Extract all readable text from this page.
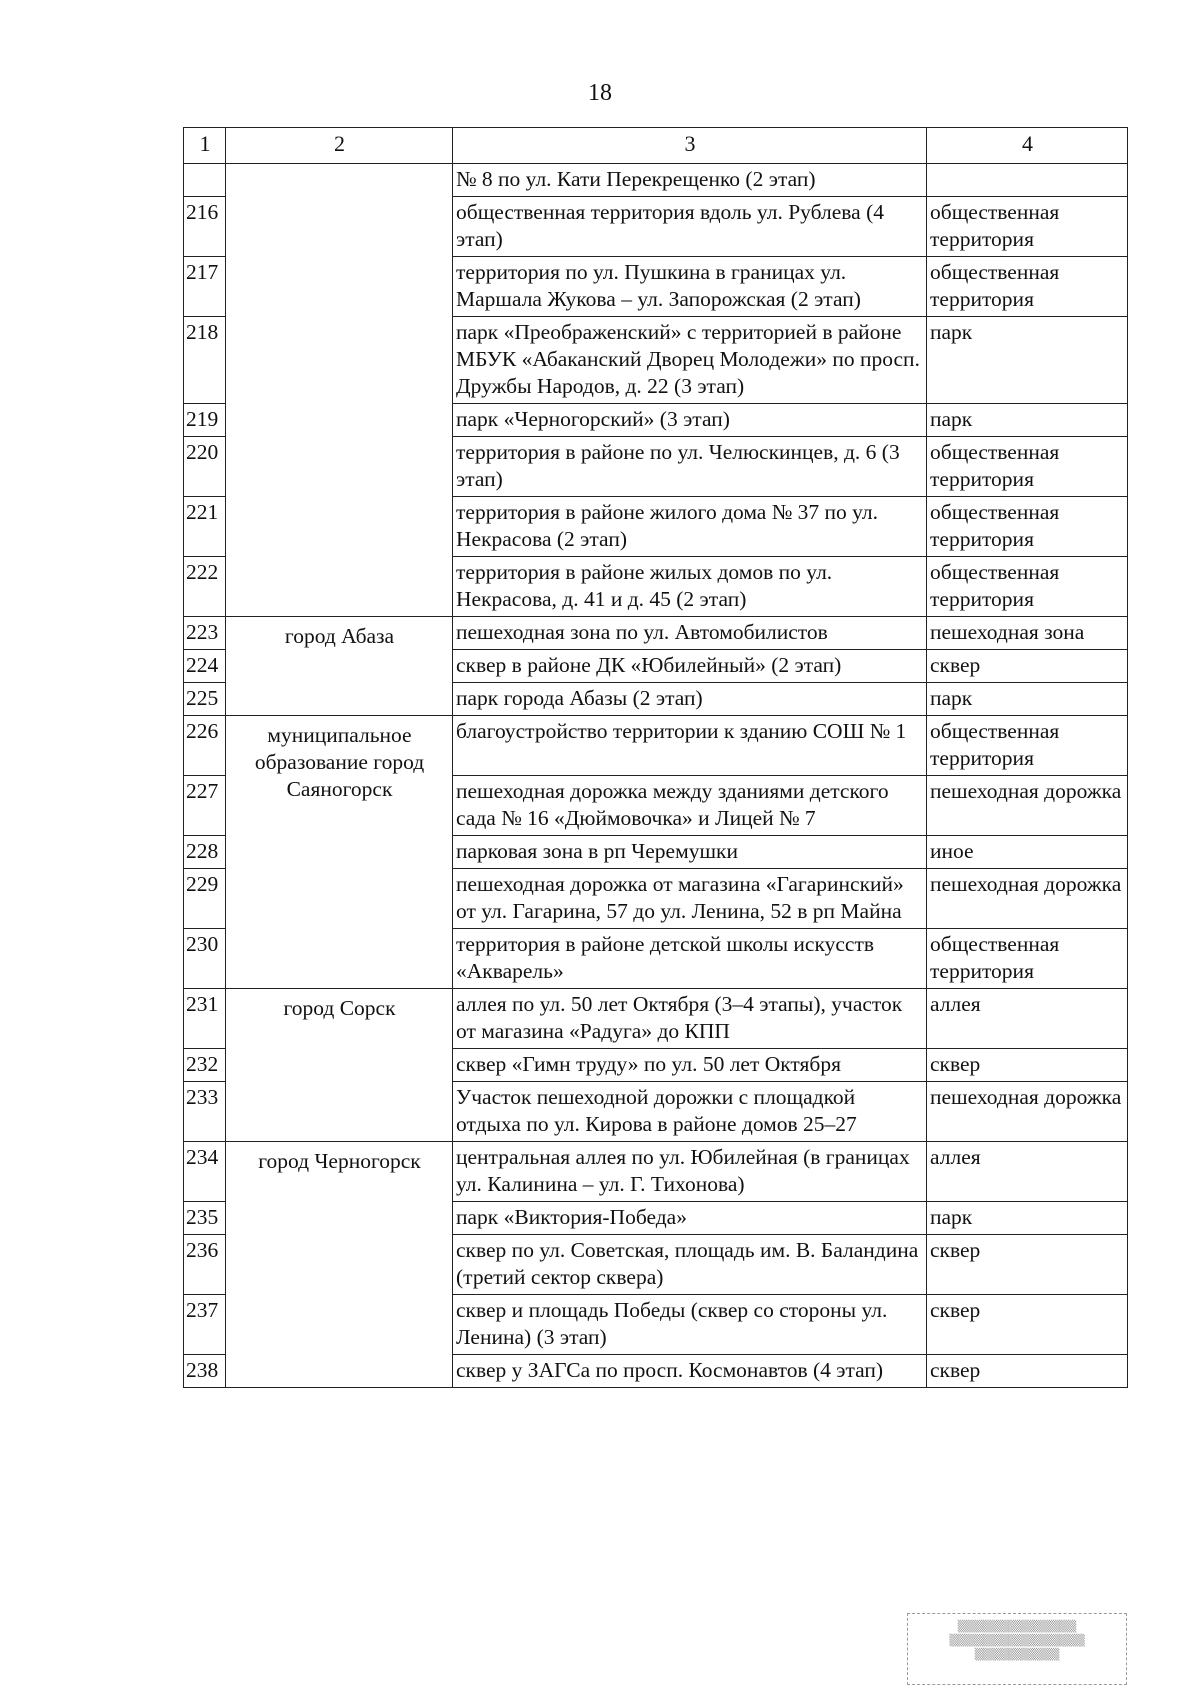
18
1	2	3	4
		№ 8 по ул. Кати Перекрещенко (2 этап)	
216		общественная территория вдоль ул. Рублева (4 этап)	общественная территория
217		территория по ул. Пушкина в границах ул. Маршала Жукова – ул. Запорожская (2 этап)	общественная территория
218		парк «Преображенский» с территорией в районе МБУК «Абаканский Дворец Молодежи» по просп. Дружбы Народов, д. 22 (3 этап)	парк
219		парк «Черногорский» (3 этап)	парк
220		территория в районе по ул. Челюскинцев, д. 6 (3 этап)	общественная территория
221		территория в районе жилого дома № 37 по ул. Некрасова (2 этап)	общественная территория
222		территория в районе жилых домов по ул. Некрасова, д. 41 и д. 45 (2 этап)	общественная территория
223	город Абаза	пешеходная зона по ул. Автомобилистов	пешеходная зона
224		сквер в районе ДК «Юбилейный» (2 этап)	сквер
225		парк города Абазы (2 этап)	парк
226	муниципальное образование город Саяногорск	благоустройство территории к зданию СОШ № 1	общественная территория
227		пешеходная дорожка между зданиями детского сада № 16 «Дюймовочка» и Лицей № 7	пешеходная дорожка
228		парковая зона в рп Черемушки	иное
229		пешеходная дорожка от магазина «Гагаринский» от ул. Гагарина, 57 до ул. Ленина, 52 в рп Майна	пешеходная дорожка
230		территория в районе детской школы искусств «Акварель»	общественная территория
231	город Сорск	аллея по ул. 50 лет Октября (3–4 этапы), участок от магазина «Радуга» до КПП	аллея
232		сквер «Гимн труду» по ул. 50 лет Октября	сквер
233		Участок пешеходной дорожки с площадкой отдыха по ул. Кирова в районе домов 25–27	пешеходная дорожка
234	город Черногорск	центральная аллея по ул. Юбилейная (в границах ул. Калинина – ул. Г. Тихонова)	аллея
235		парк «Виктория-Победа»	парк
236		сквер по ул. Советская, площадь им. В. Баландина (третий сектор сквера)	сквер
237		сквер и площадь Победы (сквер со стороны ул. Ленина) (3 этап)	сквер
238		сквер у ЗАГСа по просп. Космонавтов (4 этап)	сквер
▒▒▒▒▒▒▒▒▒▒▒▒▒▒
▒▒▒▒▒▒▒▒▒▒▒▒▒▒▒▒
▒▒▒▒▒▒▒▒▒▒
